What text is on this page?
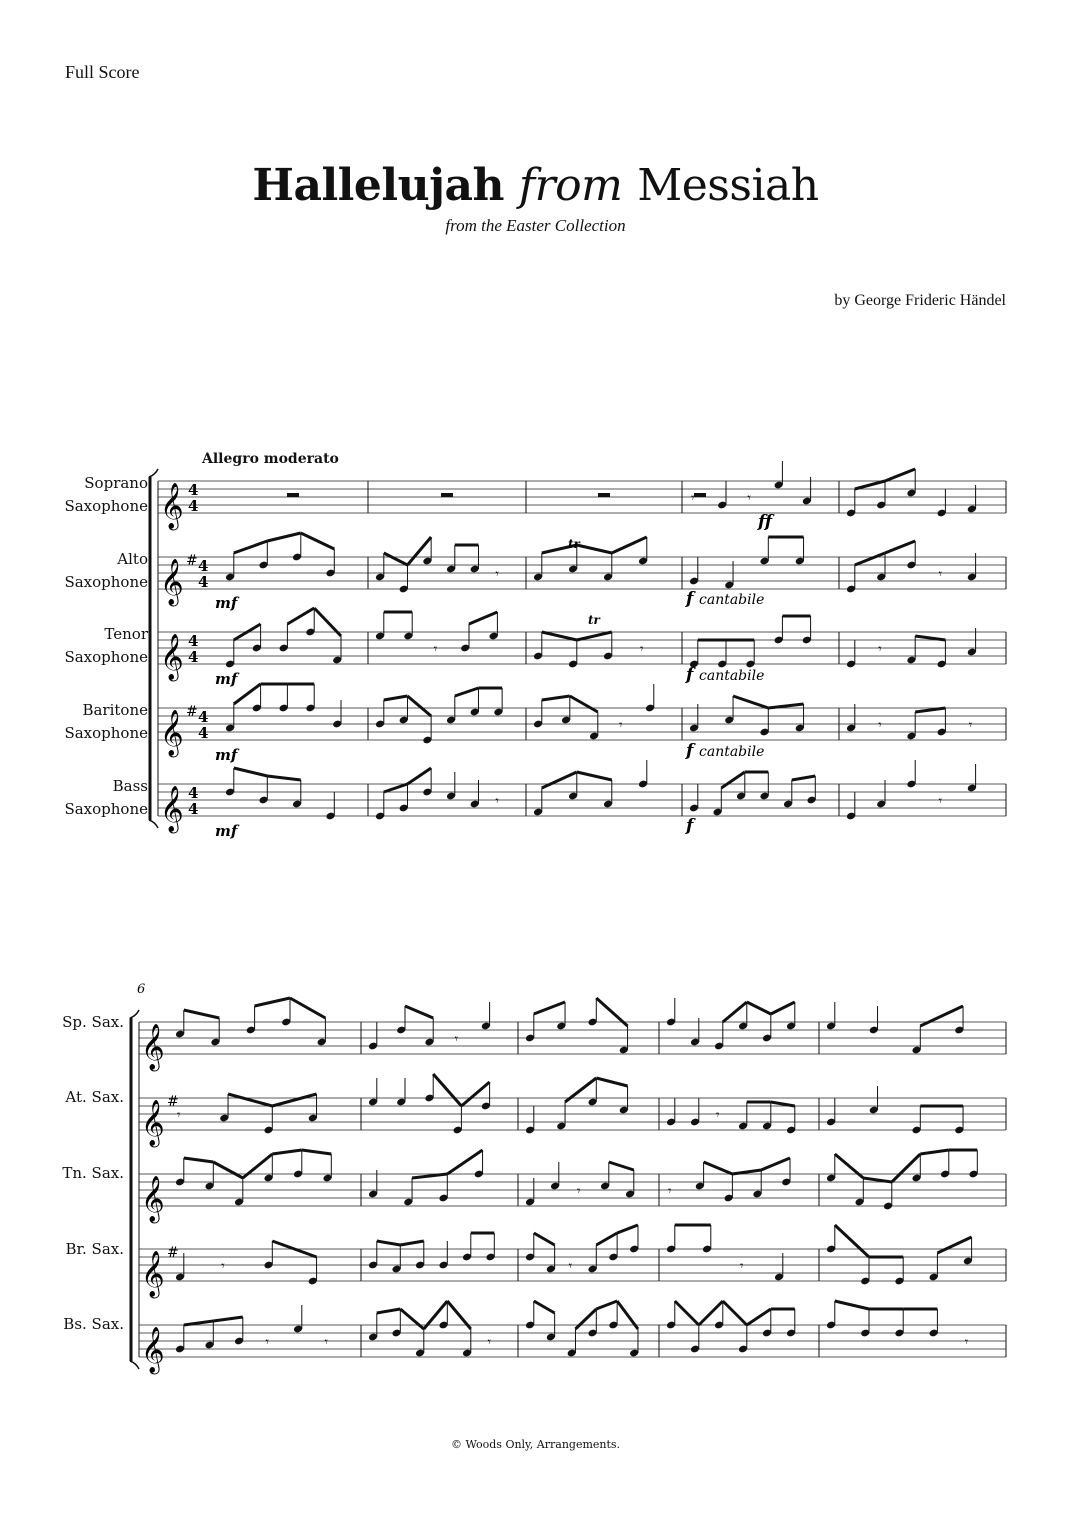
Full Score
Hallelujah from Messiah
from the Easter Collection
by George Frideric Händel
Allegro moderato
Soprano
Saxophone
Alto
Saxophone
Tenor
Saxophone
Baritone
Saxophone
Bass
Saxophone
Sp. Sax.
At. Sax.
Tn. Sax.
Br. Sax.
Bs. Sax.
𝄞 4
4
𝄞 # 4
4
𝄞 4
4
𝄞 # 4
4
𝄞 4
4
𝄾	𝄾
𝄾	𝄾
𝄾	𝄾	𝄾
𝄾	𝄾	𝄾
𝄾	𝄾
𝄞
𝄞 #
𝄞
𝄞 #
𝄞
𝄾
𝄾	𝄾
𝄾	𝄾
𝄾	𝄾	𝄾
𝄾	𝄾	𝄾	𝄾
6
mf
mf
mf
mf
ff
f cantabile
f cantabile
f cantabile
f
tr
tr
© Woods Only, Arrangements.
